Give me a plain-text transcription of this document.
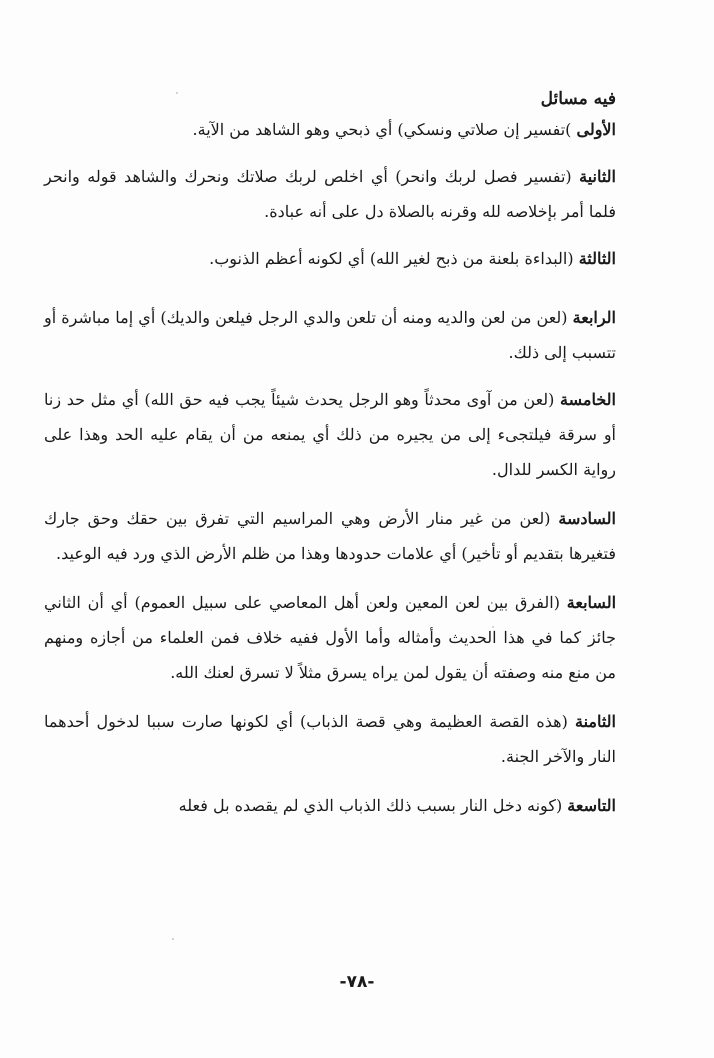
فيه مسائل

الأولى )تفسير إن صلاتي ونسكي) أي ذبحي وهو الشاهد من الآية.

الثانية (تفسير فصل لربك وانحر) أي اخلص لربك صلاتك ونحرك والشاهد قوله وانحر فلما أمر بإخلاصه لله وقرنه بالصلاة دل على أنه عبادة.

الثالثة (البداءة بلعنة من ذبح لغير الله) أي لكونه أعظم الذنوب.

الرابعة (لعن من لعن والديه ومنه أن تلعن والدي الرجل فيلعن والديك) أي إما مباشرة أو تتسبب إلى ذلك.

الخامسة (لعن من آوى محدثاً وهو الرجل يحدث شيئاً يجب فيه حق الله) أي مثل حد زنا أو سرقة فيلتجىء إلى من يجيره من ذلك أي يمنعه من أن يقام عليه الحد وهذا على رواية الكسر للدال.

السادسة (لعن من غير منار الأرض وهي المراسيم التي تفرق بين حقك وحق جارك فتغيرها بتقديم أو تأخير) أي علامات حدودها وهذا من ظلم الأرض الذي ورد فيه الوعيد.

السابعة (الفرق بين لعن المعين ولعن أهل المعاصي على سبيل العموم) أي أن الثاني جائز كما في هذا الحديث وأمثاله وأما الأول ففيه خلاف فمن العلماء من أجازه ومنهم من منع منه وصفته أن يقول لمن يراه يسرق مثلاً لا تسرق لعنك الله.

الثامنة (هذه القصة العظيمة وهي قصة الذباب) أي لكونها صارت سببا لدخول أحدهما النار والآخر الجنة.

التاسعة (كونه دخل النار بسبب ذلك الذباب الذي لم يقصده بل فعله

-٧٨-
